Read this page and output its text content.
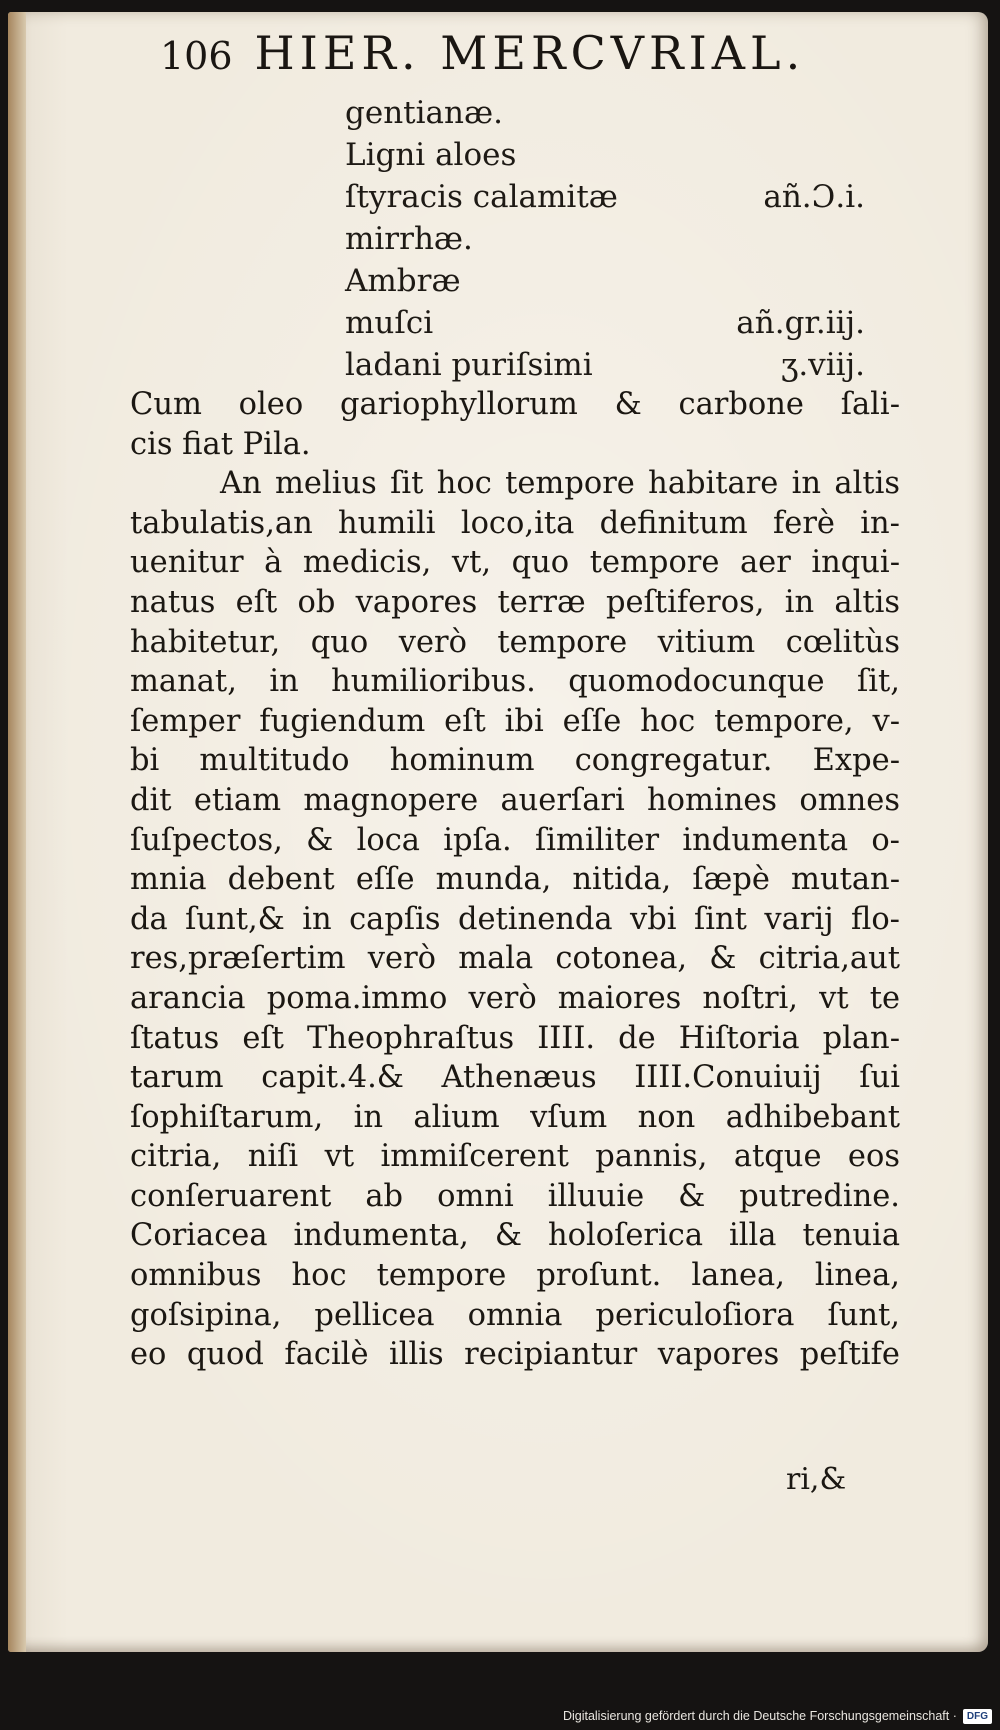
106 HIER. MERCVRIAL.
gentianæ.
Ligni aloes
ſtyracis calamitæ	añ.Ɔ.i.
mirrhæ.
Ambræ
muſci	añ.gr.iij.
ladani puriſsimi	ʒ.viij.

Cum oleo gariophyllorum & carbone ſali-

cis fiat Pila.

An melius ſit hoc tempore habitare in altis

tabulatis,an humili loco,ita definitum ferè in-

uenitur à medicis, vt, quo tempore aer inqui-

natus eſt ob vapores terræ peſtiferos, in altis

habitetur, quo verò tempore vitium cœlitùs

manat, in humilioribus. quomodocunque ſit,

ſemper fugiendum eſt ibi eſſe hoc tempore, v-

bi multitudo hominum congregatur. Expe-

dit etiam magnopere auerſari homines omnes

ſuſpectos, & loca ipſa. ſimiliter indumenta o-

mnia debent eſſe munda, nitida, ſæpè mutan-

da ſunt,& in capſis detinenda vbi ſint varij flo-

res,præſertim verò mala cotonea, & citria,aut

arancia poma.immo verò maiores noſtri, vt te

ſtatus eſt Theophraſtus IIII. de Hiſtoria plan-

tarum capit.4.& Athenæus IIII.Conuiuij ſui

ſophiſtarum, in alium vſum non adhibebant

citria, niſi vt immiſcerent pannis, atque eos

conſeruarent ab omni illuuie & putredine.

Coriacea indumenta, & holoſerica illa tenuia

omnibus hoc tempore proſunt. lanea, linea,

goſsipina, pellicea omnia periculoſiora ſunt,

eo quod facilè illis recipiantur vapores peſtife

ri,&
Digitalisierung gefördert durch die Deutsche Forschungsgemeinschaft ·	DFG
